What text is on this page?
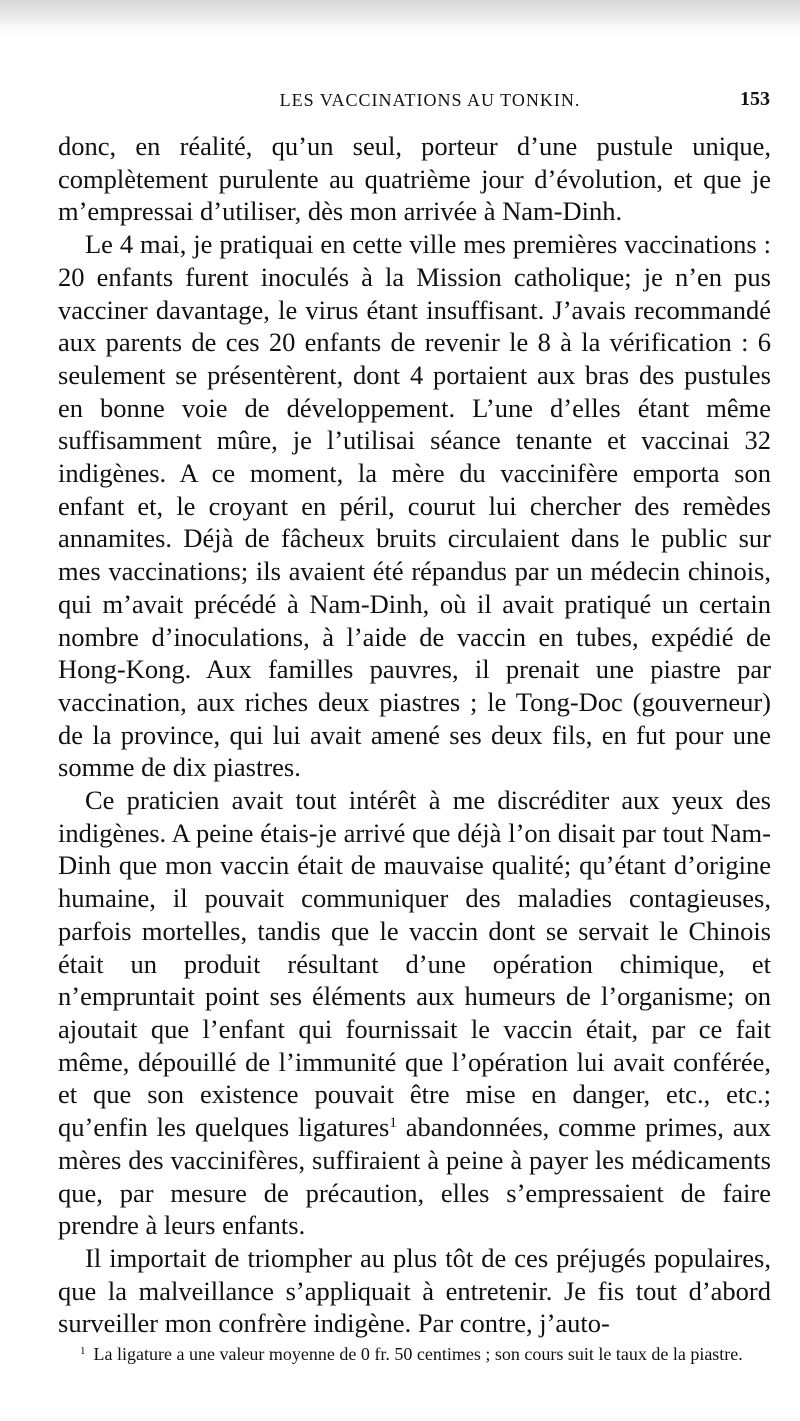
LES VACCINATIONS AU TONKIN.	153

donc, en réalité, qu’un seul, porteur d’une pustule unique, complètement purulente au quatrième jour d’évolution, et que je m’empressai d’utiliser, dès mon arrivée à Nam-Dinh.

Le 4 mai, je pratiquai en cette ville mes premières vaccinations : 20 enfants furent inoculés à la Mission catholique; je n’en pus vacciner davantage, le virus étant insuffisant. J’avais recommandé aux parents de ces 20 enfants de revenir le 8 à la vérification : 6 seulement se présentèrent, dont 4 portaient aux bras des pustules en bonne voie de développement. L’une d’elles étant même suffisamment mûre, je l’utilisai séance tenante et vaccinai 32 indigènes. A ce moment, la mère du vaccinifère emporta son enfant et, le croyant en péril, courut lui chercher des remèdes annamites. Déjà de fâcheux bruits circulaient dans le public sur mes vaccinations; ils avaient été répandus par un médecin chinois, qui m’avait précédé à Nam-Dinh, où il avait pratiqué un certain nombre d’inoculations, à l’aide de vaccin en tubes, expédié de Hong-Kong. Aux familles pauvres, il prenait une piastre par vaccination, aux riches deux piastres ; le Tong-Doc (gouverneur) de la province, qui lui avait amené ses deux fils, en fut pour une somme de dix piastres.

Ce praticien avait tout intérêt à me discréditer aux yeux des indigènes. A peine étais-je arrivé que déjà l’on disait par tout Nam-Dinh que mon vaccin était de mauvaise qualité; qu’étant d’origine humaine, il pouvait communiquer des maladies contagieuses, parfois mortelles, tandis que le vaccin dont se servait le Chinois était un produit résultant d’une opération chimique, et n’empruntait point ses éléments aux humeurs de l’organisme; on ajoutait que l’enfant qui fournissait le vaccin était, par ce fait même, dépouillé de l’immunité que l’opération lui avait conférée, et que son existence pouvait être mise en danger, etc., etc.; qu’enfin les quelques ligatures$^1$ abandonnées, comme primes, aux mères des vaccinifères, suffiraient à peine à payer les médicaments que, par mesure de précaution, elles s’empressaient de faire prendre à leurs enfants.

Il importait de triompher au plus tôt de ces préjugés populaires, que la malveillance s’appliquait à entretenir. Je fis tout d’abord surveiller mon confrère indigène. Par contre, j’auto-

$^1$ La ligature a une valeur moyenne de 0 fr. 50 centimes ; son cours suit le taux de la piastre.
